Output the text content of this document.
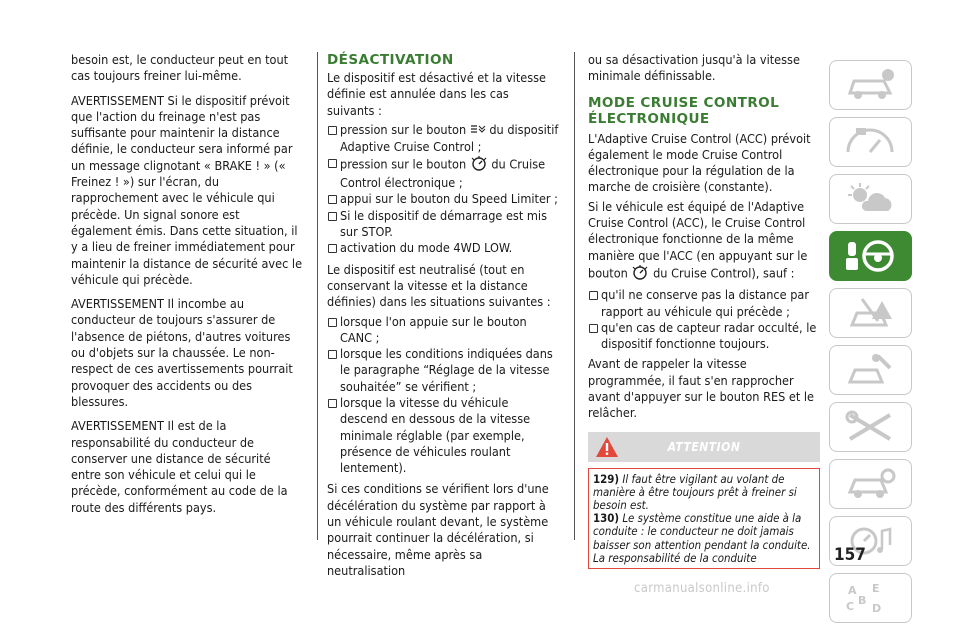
besoin est, le conducteur peut en tout cas toujours freiner lui-même.

AVERTISSEMENT Si le dispositif prévoit que l'action du freinage n'est pas suffisante pour maintenir la distance définie, le conducteur sera informé par un message clignotant « BRAKE ! » (« Freinez ! ») sur l'écran, du rapprochement avec le véhicule qui précède. Un signal sonore est également émis. Dans cette situation, il y a lieu de freiner immédiatement pour maintenir la distance de sécurité avec le véhicule qui précède.

AVERTISSEMENT Il incombe au conducteur de toujours s'assurer de l'absence de piétons, d'autres voitures ou d'objets sur la chaussée. Le non-respect de ces avertissements pourrait provoquer des accidents ou des blessures.

AVERTISSEMENT Il est de la responsabilité du conducteur de conserver une distance de sécurité entre son véhicule et celui qui le précède, conformément au code de la route des différents pays.

DÉSACTIVATION

Le dispositif est désactivé et la vitesse définie est annulée dans les cas suivants :

pression sur le bouton du dispositif Adaptive Cruise Control ;
pression sur le bouton du Cruise Control électronique ;
appui sur le bouton du Speed Limiter ;
Si le dispositif de démarrage est mis sur STOP.
activation du mode 4WD LOW.

Le dispositif est neutralisé (tout en conservant la vitesse et la distance définies) dans les situations suivantes :

lorsque l'on appuie sur le bouton CANC ;
lorsque les conditions indiquées dans le paragraphe “Réglage de la vitesse souhaitée” se vérifient ;
lorsque la vitesse du véhicule descend en dessous de la vitesse minimale réglable (par exemple, présence de véhicules roulant lentement).

Si ces conditions se vérifient lors d'une décélération du système par rapport à un véhicule roulant devant, le système pourrait continuer la décélération, si nécessaire, même après sa neutralisation

ou sa désactivation jusqu'à la vitesse minimale définissable.

MODE CRUISE CONTROL ÉLECTRONIQUE

L'Adaptive Cruise Control (ACC) prévoit également le mode Cruise Control électronique pour la régulation de la marche de croisière (constante).

Si le véhicule est équipé de l'Adaptive Cruise Control (ACC), le Cruise Control électronique fonctionne de la même manière que l'ACC (en appuyant sur le bouton du Cruise Control), sauf :

qu'il ne conserve pas la distance par rapport au véhicule qui précède ;
qu'en cas de capteur radar occulté, le dispositif fonctionne toujours.

Avant de rappeler la vitesse programmée, il faut s'en rapprocher avant d'appuyer sur le bouton RES et le relâcher.

ATTENTION
129) Il faut être vigilant au volant de manière à être toujours prêt à freiner si besoin est.
130) Le système constitue une aide à la conduite : le conducteur ne doit jamais baisser son attention pendant la conduite. La responsabilité de la conduite
A E
C B
D
157
carmanualsonline.info
